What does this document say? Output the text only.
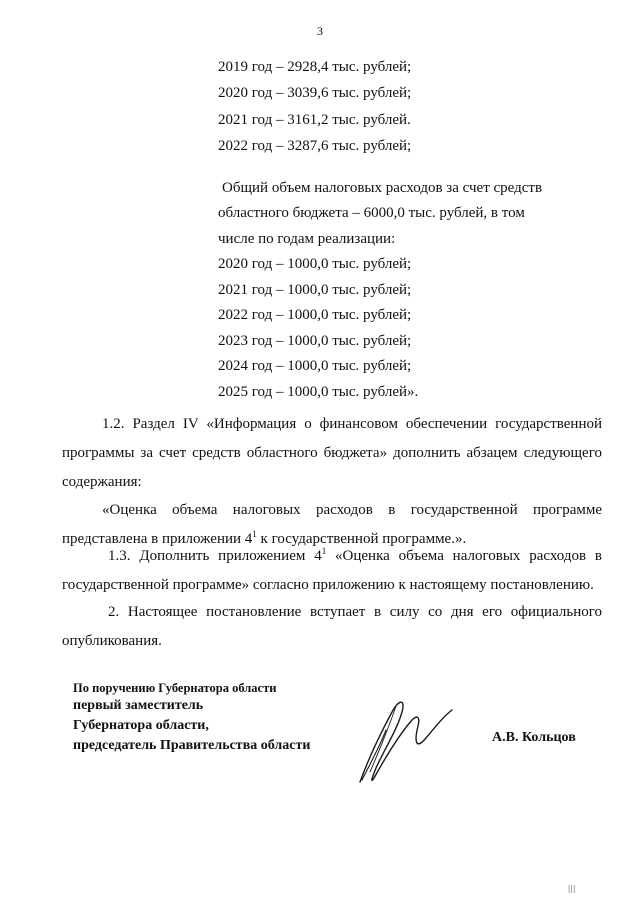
3
2019 год – 2928,4 тыс. рублей;
2020 год – 3039,6 тыс. рублей;
2021 год – 3161,2 тыс. рублей.
2022 год – 3287,6 тыс. рублей;
Общий объем налоговых расходов за счет средств
областного бюджета – 6000,0 тыс. рублей, в том
числе по годам реализации:
2020 год – 1000,0 тыс. рублей;
2021 год – 1000,0 тыс. рублей;
2022 год – 1000,0 тыс. рублей;
2023 год – 1000,0 тыс. рублей;
2024 год – 1000,0 тыс. рублей;
2025 год – 1000,0 тыс. рублей».

1.2. Раздел IV «Информация о финансовом обеспечении государственной программы за счет средств областного бюджета» дополнить абзацем следующего содержания:

«Оценка объема налоговых расходов в государственной программе представлена в приложении $4^1$ к государственной программе.».

1.3. Дополнить приложением $4^1$ «Оценка объема налоговых расходов в государственной программе» согласно приложению к настоящему постановлению.

2. Настоящее постановление вступает в силу со дня его официального опубликования.

По поручению Губернатора области
первый заместитель
Губернатора области,
председатель Правительства области
А.В. Кольцов
|||
